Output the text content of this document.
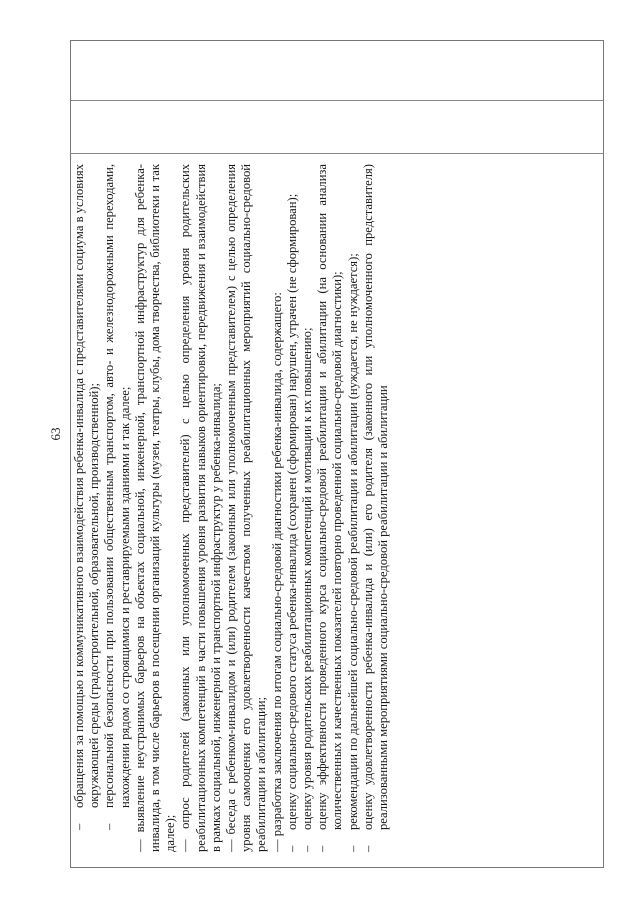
63
–
обращения за помощью и коммуникативного взаимодействия ребенка-инвалида с представителями социума в условиях окружающей среды (градостроительной, образовательной, производственной);
–
персональной безопасности при пользовании общественным транспортом, авто- и железнодорожными переходами, нахождении рядом со строящимися и реставрируемыми зданиями и так далее;
— выявление неустранимых барьеров на объектах социальной, инженерной, транспортной инфраструктур для ребенка-инвалида, в том числе барьеров в посещении организаций культуры (музеи, театры, клубы, дома творчества, библиотеки и так далее); — опрос родителей (законных или уполномоченных представителей) с целью определения уровня родительских реабилитационных компетенций в части повышения уровня развития навыков ориентировки, передвижения и взаимодействия в рамках социальной, инженерной и транспортной инфраструктур у ребенка-инвалида; — беседа с ребенком-инвалидом и (или) родителем (законным или уполномоченным представителем) с целью определения уровня самооценки его удовлетворенности качеством полученных реабилитационных мероприятий социально-средовой реабилитации и абилитации; — разработка заключения по итогам социально-средовой диагностики ребенка-инвалида, содержащего:
–
оценку социально-средового статуса ребенка-инвалида (сохранен (сформирован) нарушен, утрачен (не сформирован);
–
оценку уровня родительских реабилитационных компетенций и мотивации к их повышению;
–
оценку эффективности проведенного курса социально-средовой реабилитации и абилитации (на основании анализа количественных и качественных показателей повторно проведенной социально-средовой диагностики);
–
рекомендации по дальнейшей социально-средовой реабилитации и абилитации (нуждается, не нуждается);
–
оценку удовлетворенности ребенка-инвалида и (или) его родителя (законного или уполномоченного представителя) реализованными мероприятиями социально-средовой реабилитации и абилитации
